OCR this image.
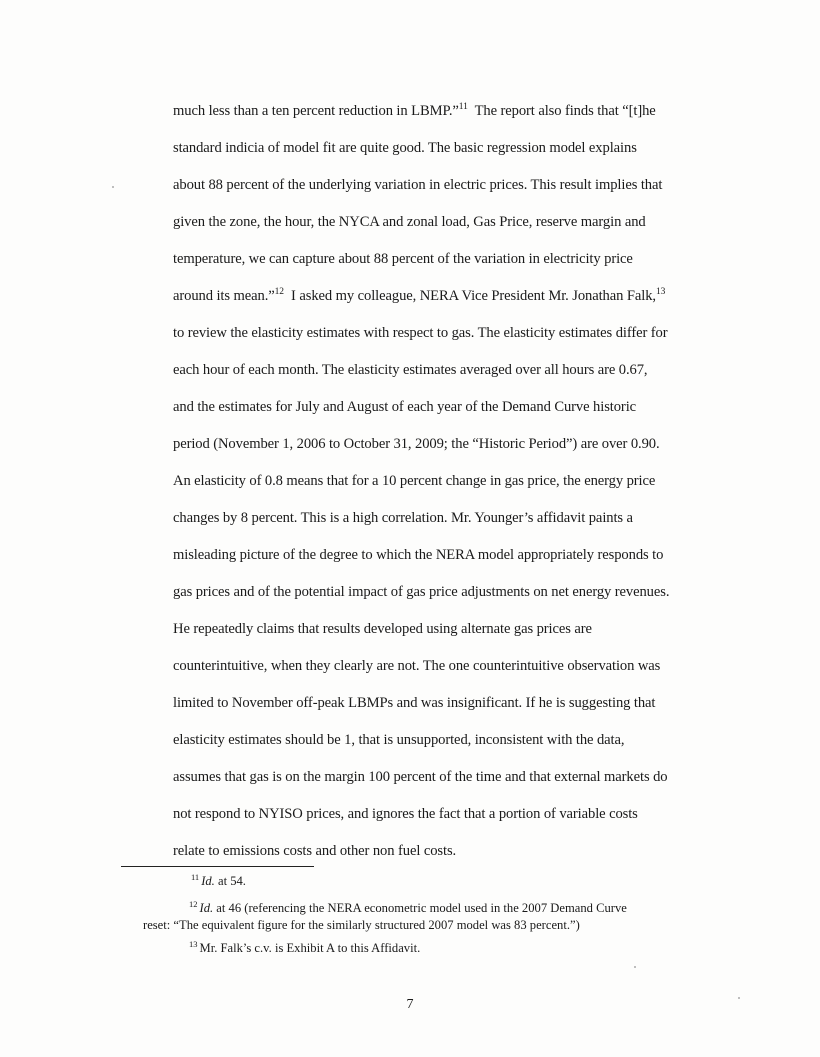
much less than a ten percent reduction in LBMP.”$^{11}$  The report also finds that “[t]he
standard indicia of model fit are quite good. The basic regression model explains
about 88 percent of the underlying variation in electric prices. This result implies that
given the zone, the hour, the NYCA and zonal load, Gas Price, reserve margin and
temperature, we can capture about 88 percent of the variation in electricity price
around its mean.”$^{12}$  I asked my colleague, NERA Vice President Mr. Jonathan Falk,$^{13}$
to review the elasticity estimates with respect to gas. The elasticity estimates differ for
each hour of each month. The elasticity estimates averaged over all hours are 0.67,
and the estimates for July and August of each year of the Demand Curve historic
period (November 1, 2006 to October 31, 2009; the “Historic Period”) are over 0.90.
An elasticity of 0.8 means that for a 10 percent change in gas price, the energy price
changes by 8 percent. This is a high correlation. Mr. Younger’s affidavit paints a
misleading picture of the degree to which the NERA model appropriately responds to
gas prices and of the potential impact of gas price adjustments on net energy revenues.
He repeatedly claims that results developed using alternate gas prices are
counterintuitive, when they clearly are not. The one counterintuitive observation was
limited to November off-peak LBMPs and was insignificant. If he is suggesting that
elasticity estimates should be 1, that is unsupported, inconsistent with the data,
assumes that gas is on the margin 100 percent of the time and that external markets do
not respond to NYISO prices, and ignores the fact that a portion of variable costs
relate to emissions costs and other non fuel costs.
$^{11}$ Id. at 54.
$^{12}$ Id. at 46 (referencing the NERA econometric model used in the 2007 Demand Curve
reset: “The equivalent figure for the similarly structured 2007 model was 83 percent.”)
$^{13}$ Mr. Falk’s c.v. is Exhibit A to this Affidavit.
7
